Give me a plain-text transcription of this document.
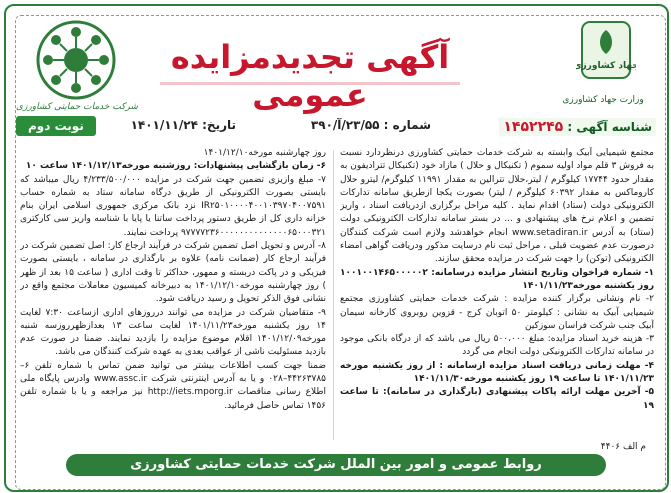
شرکت خدمات حمایتی کشاورزی
آگهی تجدیدمزایده عمومی
جهاد کشاورزی
وزارت جهاد کشاورزی
شناسه آگهی : ۱۴۵۲۲۴۵
شماره : ۲۳/۵۵/آ/۳۹۰
تاریخ: ۱۴۰۱/۱۱/۲۴
نوبت دوم

مجتمع شیمیایی آبیک وابسته به شرکت خدمات حمایتی کشاورزی درنظردارد نسبت به فروش ۳ قلم مواد اولیه سموم ( تکنیکال و حلال ) مازاد خود (تکنیکال تترادیفون به مقدار حدود ۱۷۷۴۴ کیلوگرم / لیتر،حلال تترالین به مقدار ۱۱۹۹۱ کیلوگرم/ لیترو حلال کاروماکس به مقدار ۶۰۳۹۲ کیلوگرم / لیتر) بصورت یکجا ازطریق سامانه تدارکات الکترونیکی دولت (ستاد) اقدام نماید . کلیه مراحل برگزاری ازدریافت اسناد ، واریز تضمین و اعلام نرخ های پیشنهادی و ... در بستر سامانه تدارکات الکترونیکی دولت (ستاد) به آدرس www.setadiran.ir انجام خواهدشد ولازم است شرکت کنندگان درصورت عدم عضویت قبلی ، مراحل ثبت نام درسایت مذکور ودریافت گواهی امضاء الکترونیکی (توکن) را جهت شرکت در مزایده محقق سازند.

۱- شماره فراخوان وتاریخ انتشار مزایده درسامانه: ۱۰۰۱۰۰۱۴۶۵۰۰۰۰۰۲ روز یکشنبه مورخه۱۴۰۱/۱۱/۲۳

۲- نام ونشانی برگزار کننده مزایده : شرکت خدمات حمایتی کشاورزی مجتمع شیمیایی آبیک به نشانی : کیلومتر ۵۰ اتوبان کرج - قزوین روبروی کارخانه سیمان آبیک جنب شرکت فراسان سوزکین

۳- هزینه خرید اسناد مزایده: مبلغ ۵۰۰،۰۰۰ ریال می باشد که از درگاه بانکی موجود در سامانه تدارکات الکترونیکی دولت انجام می گردد

۴- مهلت زمانی دریافت اسناد مزایده ازسامانه : از روز یکشنبه مورخه ۱۴۰۱/۱۱/۲۳ تا ساعت ۱۹ روز یکشنبه مورخه۱۴۰۱/۱۱/۳۰

۵- آخرین مهلت ارائه پاکات پیشنهادی (بارگذاری در سامانه): تا ساعت ۱۹

روز چهارشنبه مورخه۱۴۰۱/۱۲/۱۰

۶- زمان بازگشایی پیشنهادات: روزشنبه مورخه۱۴۰۱/۱۲/۱۳ ساعت ۱۰

۷- مبلغ وازیزی تضمین جهت شرکت در مزایده ۴/۲۳۳/۵۰۰/۰۰۰ ریال میباشد که بایستی بصورت الکترونیکی از طریق درگاه سامانه ستاد به شماره حساب IR۲۵۰۱۰۰۰۰۴۰۰۱۰۳۹۷۰۴۰۰۷۵۹۱ نزد بانک مرکزی جمهوری اسلامی ایران بنام خزانه داری کل از طریق دستور پرداخت ساتنا یا پایا با شناسه واریز سی کارکتری ۹۷۷۷۷۲۳۶۰۰۰۰۰۰۰۰۰۰۰۰۰۰۶۵۰۰۰۳۲۱ پرداخت نمایند.

۸- آدرس و تحویل اصل تضمین شرکت در فرآیند ارجاع کار: اصل تضمین شرکت در فرآیند ارجاع کار (ضمانت نامه) علاوه بر بارگذاری در سامانه ، بایستی بصورت فیزیکی و در پاکت دربسته و ممهور، حداکثر تا وقت اداری ( ساعت ۱۵ بعد از ظهر ) روز چهارشنبه مورخه۱۴۰۱/۱۲/۱۰ به دبیرخانه کمیسیون معاملات مجتمع واقع در نشانی فوق الذکر تحویل و رسید دریافت شود.

۹- متقاضیان شرکت در مزایده می توانند درروزهای اداری ازساعت ۷:۳۰ لغایت ۱۴ روز یکشنبه مورخه۱۴۰۱/۱۱/۲۳ لغایت ساعت ۱۳ بعدازظهرروزسه شنبه مورخه۱۴۰۱/۱۲/۰۹ اقلام موضوع مزایده را بازدید نمایند. ضمنا در صورت عدم بازدید مسئولیت ناشی از عواقب بعدی به عهده شرکت کنندگان می باشد.

ضمنا جهت کسب اطلاعات بیشتر می توانید ضمن تماس با شماره تلفن ۶–۴۴۲۶۳۷۸۵–۰۲۸ و یا به آدرس اینترنتی شرکت www.assc.ir وادرس پایگاه ملی اطلاع رسانی مناقصات http://iets.mporg.ir نیز مراجعه و یا با شماره تلفن ۱۴۵۶ تماس حاصل فرمائید.

م الف ۴۴۰۶
روابط عمومی و امور بین الملل شرکت خدمات حمایتی کشاورزی
